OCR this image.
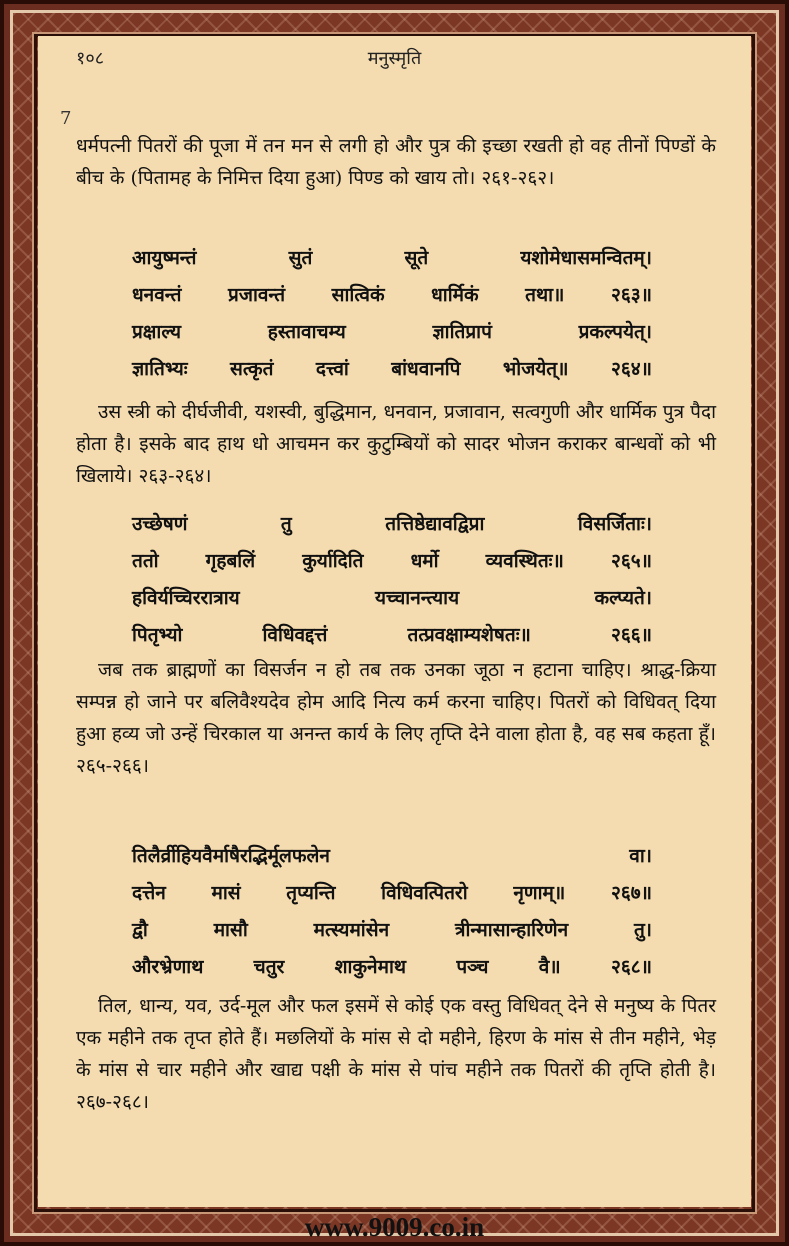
१०८	मनुस्मृति
7
धर्मपत्नी पितरों की पूजा में तन मन से लगी हो और पुत्र की इच्छा रखती हो वह तीनों पिण्डों के बीच के (पितामह के निमित्त दिया हुआ) पिण्ड को खाय तो। २६१-२६२।
आयुष्मन्तं सुतं सूते यशोमेधासमन्वितम्।
धनवन्तं प्रजावन्तं सात्विकं धार्मिकं तथा॥ २६३॥
प्रक्षाल्य हस्तावाचम्य ज्ञातिप्रापं प्रकल्पयेत्।
ज्ञातिभ्यः सत्कृतं दत्त्वां बांधवानपि भोजयेत्॥ २६४॥
उस स्त्री को दीर्घजीवी, यशस्वी, बुद्धिमान, धनवान, प्रजावान, सत्वगुणी और धार्मिक पुत्र पैदा होता है। इसके बाद हाथ धो आचमन कर कुटुम्बियों को सादर भोजन कराकर बान्धवों को भी खिलाये। २६३-२६४।
उच्छेषणं तु तत्तिष्ठेद्यावद्विप्रा विसर्जिताः।
ततो गृहबलिं कुर्यादिति धर्मो व्यवस्थितः॥ २६५॥
हविर्यच्चिररात्राय यच्चानन्त्याय कल्प्यते।
पितृभ्यो विधिवद्दत्तं तत्प्रवक्षाम्यशेषतः॥ २६६॥
जब तक ब्राह्मणों का विसर्जन न हो तब तक उनका जूठा न हटाना चाहिए। श्राद्ध-क्रिया सम्पन्न हो जाने पर बलिवैश्यदेव होम आदि नित्य कर्म करना चाहिए। पितरों को विधिवत् दिया हुआ हव्य जो उन्हें चिरकाल या अनन्त कार्य के लिए तृप्ति देने वाला होता है, वह सब कहता हूँ। २६५-२६६।
तिलैर्व्रीहियवैर्माषैरद्भिर्मूलफलेन वा।
दत्तेन मासं तृप्यन्ति विधिवत्पितरो नृणाम्॥ २६७॥
द्वौ मासौ मत्स्यमांसेन त्रीन्मासान्हारिणेन तु।
औरभ्रेणाथ चतुर शाकुनेमाथ पञ्च वै॥ २६८॥
तिल, धान्य, यव, उर्द-मूल और फल इसमें से कोई एक वस्तु विधिवत् देने से मनुष्य के पितर एक महीने तक तृप्त होते हैं। मछलियों के मांस से दो महीने, हिरण के मांस से तीन महीने, भेड़ के मांस से चार महीने और खाद्य पक्षी के मांस से पांच महीने तक पितरों की तृप्ति होती है। २६७-२६८।
www.9009.co.in
